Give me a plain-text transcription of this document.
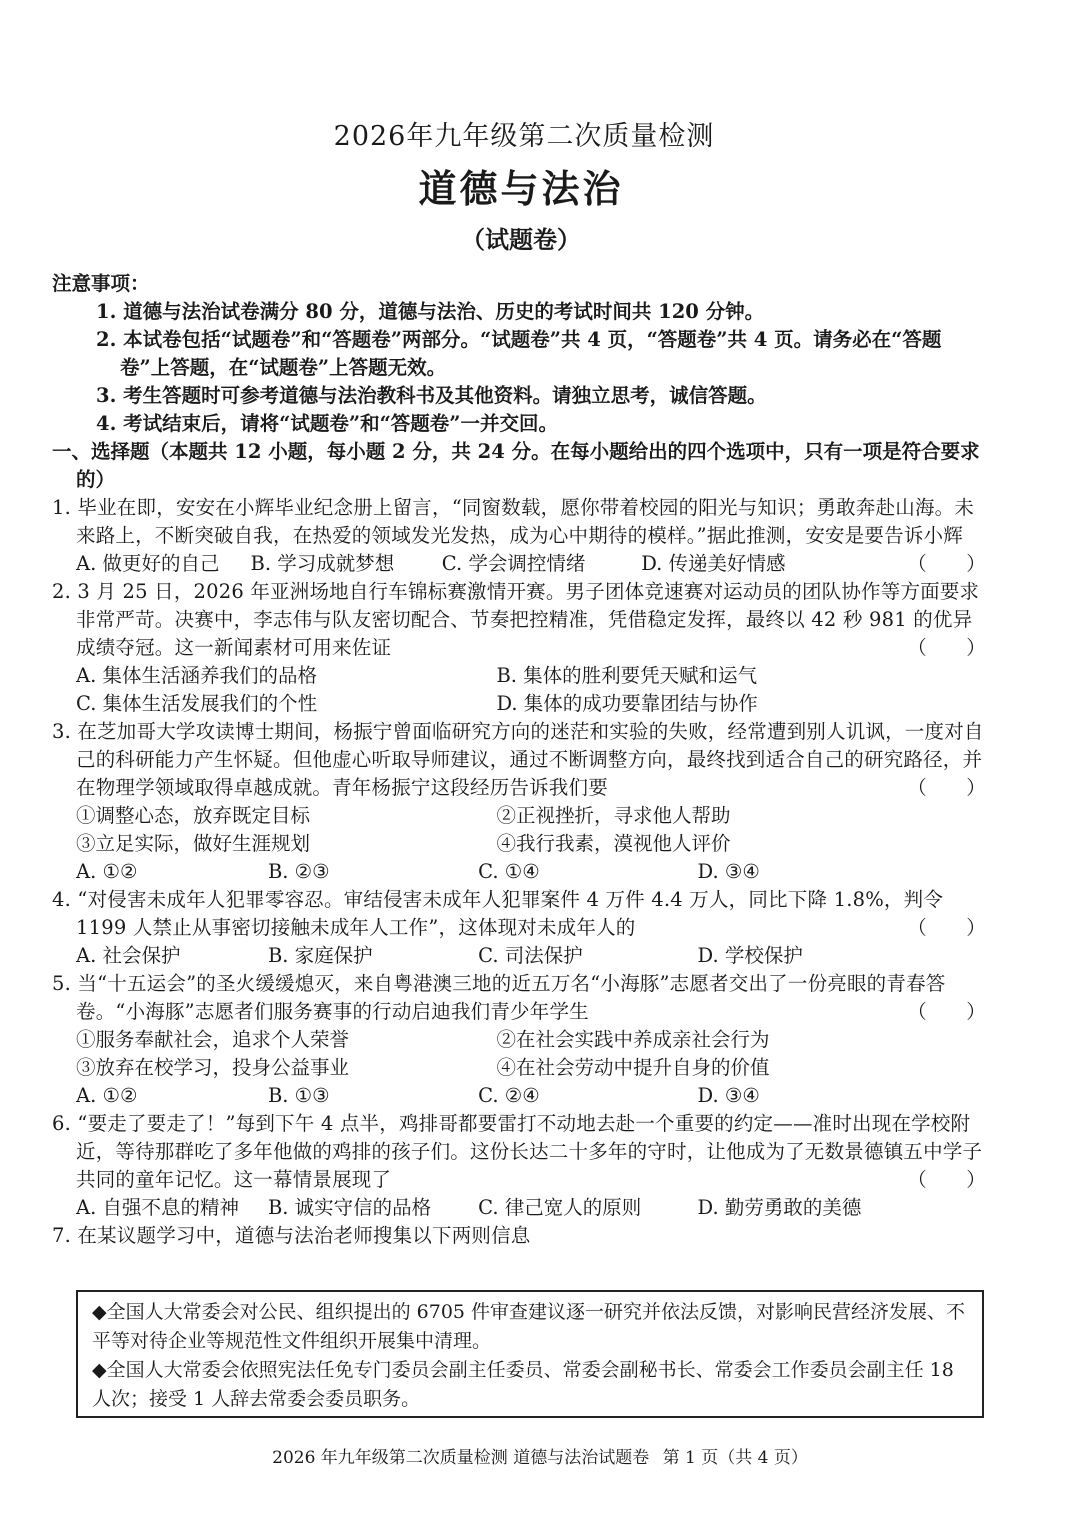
2026年九年级第二次质量检测
道德与法治
（试题卷）
注意事项：

1. 道德与法治试卷满分 80 分，道德与法治、历史的考试时间共 120 分钟。

2. 本试卷包括“试题卷”和“答题卷”两部分。“试题卷”共 4 页，“答题卷”共 4 页。请务必在“答题卷”上答题，在“试题卷”上答题无效。

3. 考生答题时可参考道德与法治教科书及其他资料。请独立思考，诚信答题。

4. 考试结束后，请将“试题卷”和“答题卷”一并交回。

一、选择题（本题共 12 小题，每小题 2 分，共 24 分。在每小题给出的四个选项中，只有一项是符合要求的）

1. 毕业在即，安安在小辉毕业纪念册上留言，“同窗数载，愿你带着校园的阳光与知识；勇敢奔赴山海。未来路上，不断突破自我，在热爱的领域发光发热，成为心中期待的模样。”据此推测，安安是要告诉小辉
（　　）

A. 做更好的自己	B. 学习成就梦想	C. 学会调控情绪	D. 传递美好情感

2. 3 月 25 日，2026 年亚洲场地自行车锦标赛激情开赛。男子团体竞速赛对运动员的团队协作等方面要求非常严苛。决赛中，李志伟与队友密切配合、节奏把控精准，凭借稳定发挥，最终以 42 秒 981 的优异成绩夺冠。这一新闻素材可用来佐证	（　　）

A. 集体生活涵养我们的品格	B. 集体的胜利要凭天赋和运气
C. 集体生活发展我们的个性	D. 集体的成功要靠团结与协作

3. 在芝加哥大学攻读博士期间，杨振宁曾面临研究方向的迷茫和实验的失败，经常遭到别人讥讽，一度对自己的科研能力产生怀疑。但他虚心听取导师建议，通过不断调整方向，最终找到适合自己的研究路径，并在物理学领域取得卓越成就。青年杨振宁这段经历告诉我们要	（　　）

①调整心态，放弃既定目标	②正视挫折，寻求他人帮助
③立足实际，做好生涯规划	④我行我素，漠视他人评价
A. ①②	B. ②③	C. ①④	D. ③④

4. “对侵害未成年人犯罪零容忍。审结侵害未成年人犯罪案件 4 万件 4.4 万人，同比下降 1.8%，判令 1199 人禁止从事密切接触未成年人工作”，这体现对未成年人的	（　　）

A. 社会保护	B. 家庭保护	C. 司法保护	D. 学校保护

5. 当“十五运会”的圣火缓缓熄灭，来自粤港澳三地的近五万名“小海豚”志愿者交出了一份亮眼的青春答卷。“小海豚”志愿者们服务赛事的行动启迪我们青少年学生	（　　）

①服务奉献社会，追求个人荣誉	②在社会实践中养成亲社会行为
③放弃在校学习，投身公益事业	④在社会劳动中提升自身的价值
A. ①②	B. ①③	C. ②④	D. ③④

6. “要走了要走了！”每到下午 4 点半，鸡排哥都要雷打不动地去赴一个重要的约定——准时出现在学校附近，等待那群吃了多年他做的鸡排的孩子们。这份长达二十多年的守时，让他成为了无数景德镇五中学子共同的童年记忆。这一幕情景展现了	（　　）

A. 自强不息的精神	B. 诚实守信的品格	C. 律己宽人的原则	D. 勤劳勇敢的美德

7. 在某议题学习中，道德与法治老师搜集以下两则信息

◆全国人大常委会对公民、组织提出的 6705 件审查建议逐一研究并依法反馈，对影响民营经济发展、不平等对待企业等规范性文件组织开展集中清理。

◆全国人大常委会依照宪法任免专门委员会副主任委员、常委会副秘书长、常委会工作委员会副主任 18 人次；接受 1 人辞去常委会委员职务。

2026 年九年级第二次质量检测 道德与法治试题卷 第 1 页（共 4 页）
